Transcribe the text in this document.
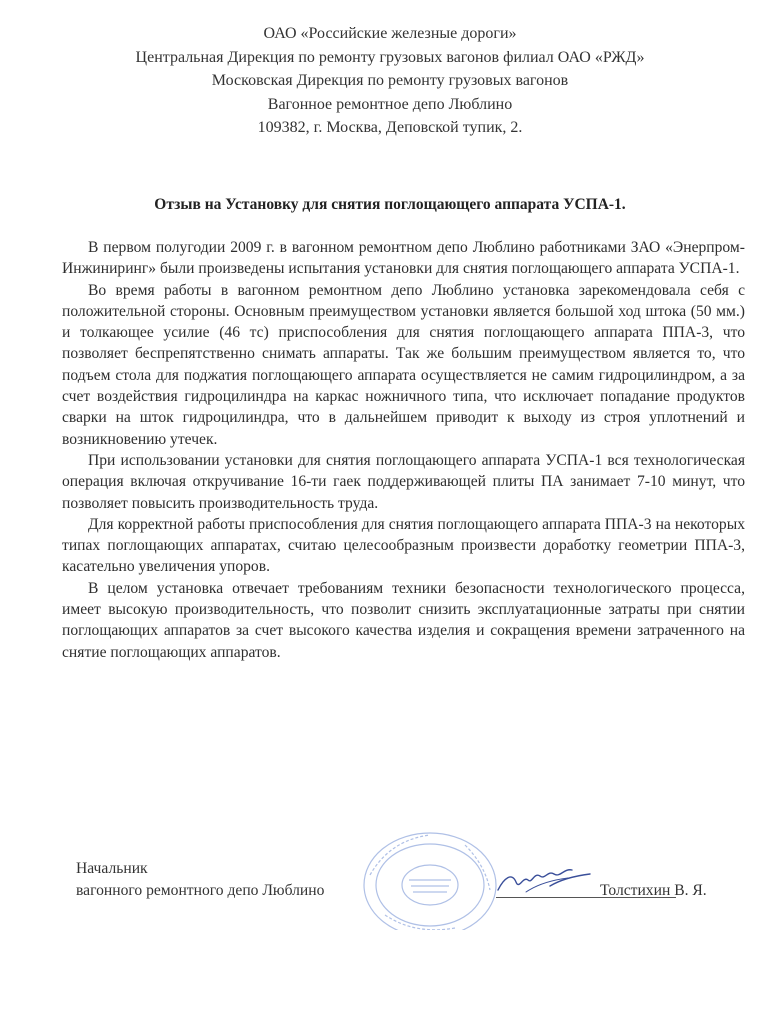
ОАО «Российские железные дороги»
Центральная Дирекция по ремонту грузовых вагонов филиал ОАО «РЖД»
Московская Дирекция по ремонту грузовых вагонов
Вагонное ремонтное депо Люблино
109382, г. Москва, Деповской тупик, 2.
Отзыв на Установку для снятия поглощающего аппарата УСПА-1.

В первом полугодии 2009 г. в вагонном ремонтном депо Люблино работниками ЗАО «Энерпром-Инжиниринг» были произведены испытания установки для снятия поглощающего аппарата УСПА-1.

Во время работы в вагонном ремонтном депо Люблино установка зарекомендовала себя с положительной стороны. Основным преимуществом установки является большой ход штока (50 мм.) и толкающее усилие (46 тс) приспособления для снятия поглощающего аппарата ППА-3, что позволяет беспрепятственно снимать аппараты. Так же большим преимуществом является то, что подъем стола для поджатия поглощающего аппарата осуществляется не самим гидроцилиндром, а за счет воздействия гидроцилиндра на каркас ножничного типа, что исключает попадание продуктов сварки на шток гидроцилиндра, что в дальнейшем приводит к выходу из строя уплотнений и возникновению утечек.

При использовании установки для снятия поглощающего аппарата УСПА-1 вся технологическая операция включая откручивание 16-ти гаек поддерживающей плиты ПА занимает 7-10 минут, что позволяет повысить производительность труда.

Для корректной работы приспособления для снятия поглощающего аппарата ППА-3 на некоторых типах поглощающих аппаратах, считаю целесообразным произвести доработку геометрии ППА-3, касательно увеличения упоров.

В целом установка отвечает требованиям техники безопасности технологического процесса, имеет высокую производительность, что позволит снизить эксплуатационные затраты при снятии поглощающих аппаратов за счет высокого качества изделия и сокращения времени затраченного на снятие поглощающих аппаратов.

Начальник
вагонного ремонтного депо Люблино	Толстихин В. Я.
